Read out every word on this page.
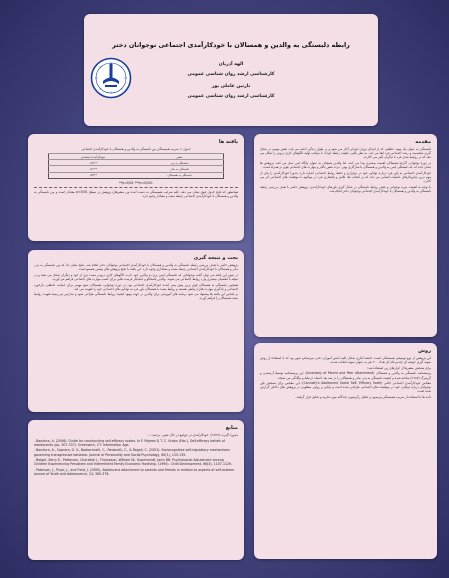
رابطه دلبستگی به والدین و همسالان با خودکارآمدی اجتماعی نوجوانان دختر
الهه آذریان
کارشناسی ارشد روان شناسی عمومی
نازنین عاملی پور
کارشناسی ارشد روان شناسی عمومی
مقدمه

دلبستگی به عنوان یک پیوند عاطفی که از ابتدای دوران کودکی آغاز می شود و در طول زندگی ادامه می یابد، نقش مهمی در شکل گیری شخصیت و رشد اجتماعی فرد ایفا می کند. به نظر بالبی، کیفیت رابطه کودک با مراقب اولیه الگوهای کاری درونی را شکل می دهد که در روابط بعدی فرد با دیگران تأثیر می گذارند.

در دوره نوجوانی، اگرچه همسالان اهمیت بیشتری پیدا می کنند، اما والدین همچنان به عنوان پایگاه امن عمل می کنند. پژوهش ها نشان داده اند که دلبستگی ایمن به والدین و همسالان با سازگاری بهتر، عزت نفس بالاتر و مهارت های اجتماعی قوی تر همراه است.

خودکارآمدی اجتماعی به باور فرد درباره توانایی خود در برقراری و حفظ روابط اجتماعی اشاره دارد. بندورا خودکارآمدی را یکی از مهم ترین سازوکارهای عاملیت انسانی می داند که بر انتخاب ها، تلاش و پافشاری فرد در مواجهه با موقعیت های اجتماعی اثر می گذارد.

با توجه به اهمیت دوره نوجوانی و نقش روابط دلبستگی در شکل گیری باورهای خودکارآمدی، پژوهش حاضر با هدف بررسی رابطه دلبستگی به والدین و همسالان با خودکارآمدی اجتماعی نوجوانان دختر انجام شد.

یافته ها
جدول ۱: ضریب همبستگی بین دلبستگی به والدین و همسالان با خودکارآمدی اجتماعی
متغیر	خودکارآمدی اجتماعی
دلبستگی به پدر	**۰/۳۸
دلبستگی به مادر	**۰/۴۱
دلبستگی به همسالان	**۰/۵۲
**p<0/01 ***p<0/001

همانطور که نتایج جدول فوق نشان می دهد، کلیه ضرایب همبستگی به دست آمده بین متغیرهای پژوهش در سطح p<0/01 معنادار است و بین دلبستگی به والدین و همسالان با خودکارآمدی اجتماعی رابطه مثبت و معنادار وجود دارد.

بحث و نتیجه گیری

پژوهش حاضر با هدف بررسی رابطه دلبستگی به والدین و همسالان با خودکارآمدی اجتماعی نوجوانان دختر انجام شد. نتایج نشان داد که بین دلبستگی به پدر، مادر و همسالان با خودکارآمدی اجتماعی رابطه مثبت و معناداری وجود دارد. این یافته با نتایج پژوهش های پیشین همسو است.

در تبیین این یافته می توان گفت نوجوانانی که دلبستگی ایمن تری به والدین خود دارند، الگوهای کاری درونی مثبت تری از خود و دیگران شکل می دهند و در نتیجه با اطمینان بیشتری وارد روابط اجتماعی می شوند. والدین پاسخگو و حمایتگر فرصت هایی برای کسب مهارت های اجتماعی فراهم می آورند.

همچنین دلبستگی به همسالان قوی ترین پیش بینی کننده خودکارآمدی اجتماعی بود. در دوره نوجوانی، همسالان منبع مهمی برای حمایت عاطفی، بازخورد اجتماعی و یادگیری مهارت های ارتباطی هستند و روابط مثبت با همسالان باور فرد به توانایی های اجتماعی خود را تقویت می کند.

بر اساس این یافته ها پیشنهاد می شود برنامه های آموزشی برای والدین در جهت بهبود کیفیت روابط دلبستگی طراحی شود و مدارس نیز زمینه تقویت روابط مثبت همسالان را فراهم آورند.

روش

این پژوهش از نوع توصیفی همبستگی است. جامعه آماری شامل کلیه دانش آموزان دختر دبیرستانی شهر بود که با استفاده از روش نمونه گیری خوشه ای چندمرحله ای تعداد ۲۰۰ نفر به عنوان نمونه انتخاب شدند.

برای سنجش متغیرها از ابزارهای زیر استفاده شد:

پرسشنامه دلبستگی به والدین و همسالان (Inventory of Parent and Peer Attachment): این پرسشنامه توسط آرمسدن و گرینبرگ (۱۹۸۷) ساخته شده و کیفیت دلبستگی به پدر، مادر و همسالان را در سه بعد اعتماد، ارتباط و بیگانگی می سنجد.

مقیاس خودکارآمدی اجتماعی کانلی (Connolly's Adolescent Social Self- Efficacy Scale): این مقیاس برای سنجش باور نوجوانان درباره توانایی خود در موقعیت های اجتماعی طراحی شده است و پایایی و روایی مطلوبی در پژوهش های داخلی گزارش شده است.

داده ها با استفاده از ضریب همبستگی پیرسون و تحلیل رگرسیون چندگانه مورد تجزیه و تحلیل قرار گرفتند.

منابع

بندورا، آلبرت (۱۳۸۹). خودکارآمدی در جوامع در حال تغییر. ترجمه: ...

- Bandura, A. (2006). Guide for constructing self-efficacy scales. In F. Pajares & T. C. Urdan (Eds.), Self-efficacy beliefs of adolescents (pp. 307-337). Greenwich, CT: Information Age.

- Bandura, A., Caprara, G. V., Barbaranelli, C., Pastorelli, C., & Regali, C. (2001). Sociocognitive self-regulatory mechanisms governing transgressive behavior. Journal of Personality and Social Psychology, 80(1), 125-135.

- Bolger, Kerry E., Patterson, Charlotte J., Thompson, William W., Kupersmidt, Janis BB. Psychosocial Adjustment among Children Experiencing Persistent and Intermittent Family Economic Hardship. (1995). Child Development, 66(4), 1107-1129.

- Paterson, J., Pryor, J., and Field, J. (1995). Adolescent attachment to parents and friends in relation to aspects of self-esteem. Journal of Youth and Adolescence, 24, 365-376.
